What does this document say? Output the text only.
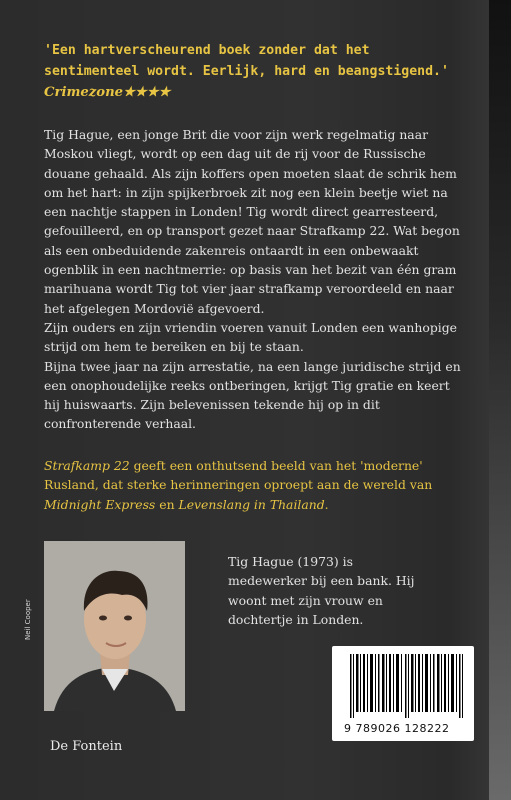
'Een hartverscheurend boek zonder dat het sentimenteel wordt. Eerlijk, hard en beangstigend.' Crimezone★★★★

Tig Hague, een jonge Brit die voor zijn werk regelmatig naar Moskou vliegt, wordt op een dag uit de rij voor de Russische douane gehaald. Als zijn koffers open moeten slaat de schrik hem om het hart: in zijn spijkerbroek zit nog een klein beetje wiet na een nachtje stappen in Londen! Tig wordt direct gearresteerd, gefouilleerd, en op transport gezet naar Strafkamp 22. Wat begon als een onbeduidende zakenreis ontaardt in een onbewaakt ogenblik in een nachtmerrie: op basis van het bezit van één gram marihuana wordt Tig tot vier jaar strafkamp veroordeeld en naar het afgelegen Mordovië afgevoerd.

Zijn ouders en zijn vriendin voeren vanuit Londen een wanhopige strijd om hem te bereiken en bij te staan.

Bijna twee jaar na zijn arrestatie, na een lange juridische strijd en een onophoudelijke reeks ontberingen, krijgt Tig gratie en keert hij huiswaarts. Zijn belevenissen tekende hij op in dit confronterende verhaal.

Strafkamp 22 geeft een onthutsend beeld van het 'moderne' Rusland, dat sterke herinneringen oproept aan de wereld van Midnight Express en Levenslang in Thailand.
Neil Cooper
Tig Hague (1973) is medewerker bij een bank. Hij woont met zijn vrouw en dochtertje in Londen.
De Fontein
9 789026 128222
